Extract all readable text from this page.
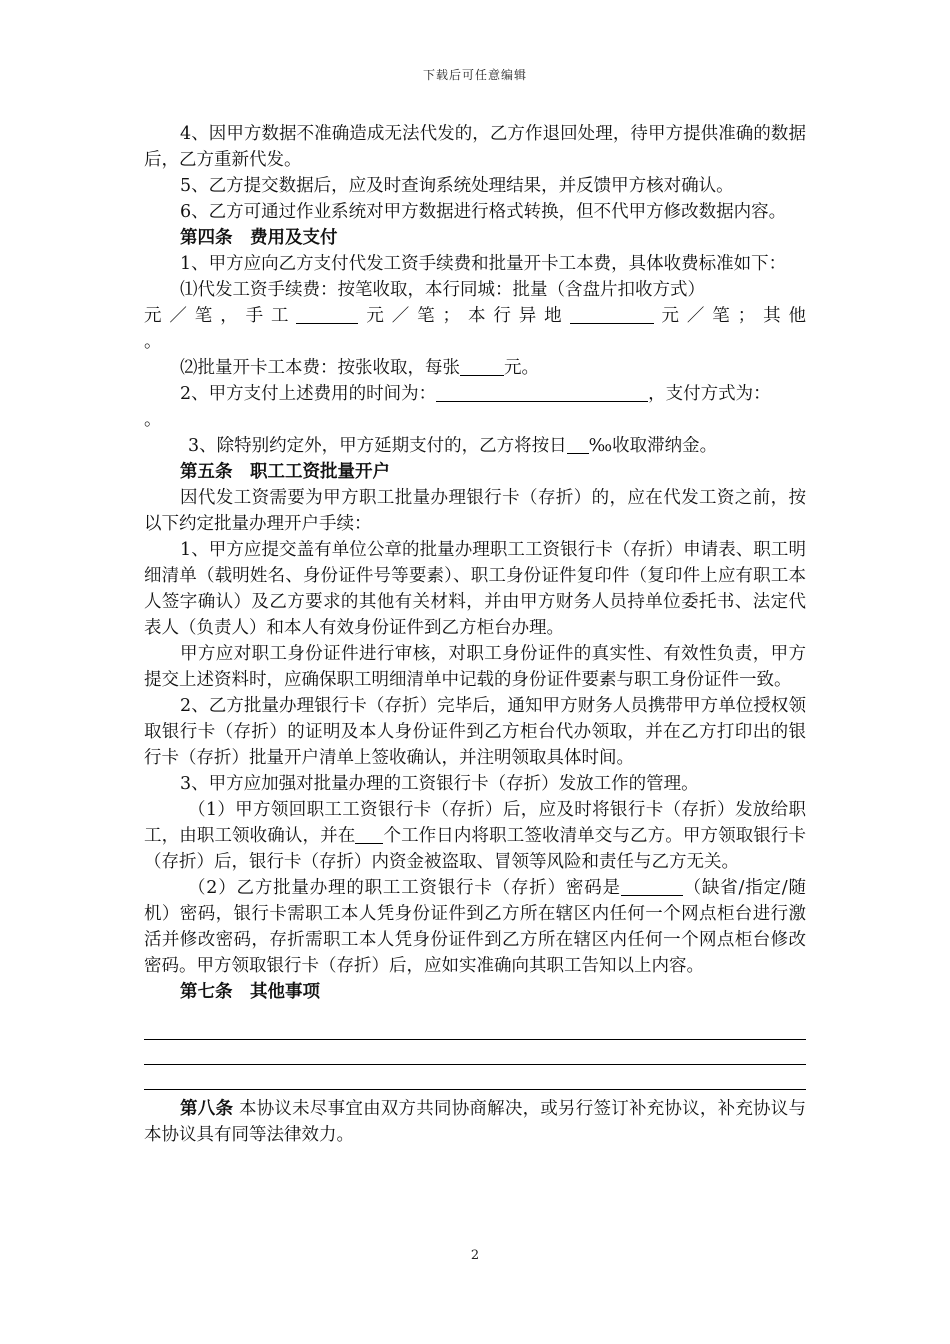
下载后可任意编辑

4、因甲方数据不准确造成无法代发的，乙方作退回处理，待甲方提供准确的数据后，乙方重新代发。

5、乙方提交数据后，应及时查询系统处理结果，并反馈甲方核对确认。

6、乙方可通过作业系统对甲方数据进行格式转换，但不代甲方修改数据内容。

第四条　费用及支付

1、甲方应向乙方支付代发工资手续费和批量开卡工本费，具体收费标准如下：

⑴代发工资手续费：按笔收取，本行同城：批量（含盘片扣收方式）

元／笔，手工	元／笔；本行异地	元／笔；其他

。

⑵批量开卡工本费：按张收取，每张	元。

2、甲方支付上述费用的时间为：	，支付方式为：

。

3、除特别约定外，甲方延期支付的，乙方将按日 ‰收取滞纳金。

第五条　职工工资批量开户

因代发工资需要为甲方职工批量办理银行卡（存折）的，应在代发工资之前，按以下约定批量办理开户手续：

1、甲方应提交盖有单位公章的批量办理职工工资银行卡（存折）申请表、职工明细清单（载明姓名、身份证件号等要素）、职工身份证件复印件（复印件上应有职工本人签字确认）及乙方要求的其他有关材料，并由甲方财务人员持单位委托书、法定代表人（负责人）和本人有效身份证件到乙方柜台办理。

甲方应对职工身份证件进行审核，对职工身份证件的真实性、有效性负责，甲方提交上述资料时，应确保职工明细清单中记载的身份证件要素与职工身份证件一致。

2、乙方批量办理银行卡（存折）完毕后，通知甲方财务人员携带甲方单位授权领取银行卡（存折）的证明及本人身份证件到乙方柜台代办领取，并在乙方打印出的银行卡（存折）批量开户清单上签收确认，并注明领取具体时间。

3、甲方应加强对批量办理的工资银行卡（存折）发放工作的管理。

（1）甲方领回职工工资银行卡（存折）后，应及时将银行卡（存折）发放给职工，由职工领收确认，并在 个工作日内将职工签收清单交与乙方。甲方领取银行卡（存折）后，银行卡（存折）内资金被盗取、冒领等风险和责任与乙方无关。

（2）乙方批量办理的职工工资银行卡（存折）密码是	（缺省/指定/随机）密码，银行卡需职工本人凭身份证件到乙方所在辖区内任何一个网点柜台进行激活并修改密码，存折需职工本人凭身份证件到乙方所在辖区内任何一个网点柜台修改密码。甲方领取银行卡（存折）后，应如实准确向其职工告知以上内容。

第七条　其他事项

第八条 本协议未尽事宜由双方共同协商解决，或另行签订补充协议，补充协议与本协议具有同等法律效力。

2
